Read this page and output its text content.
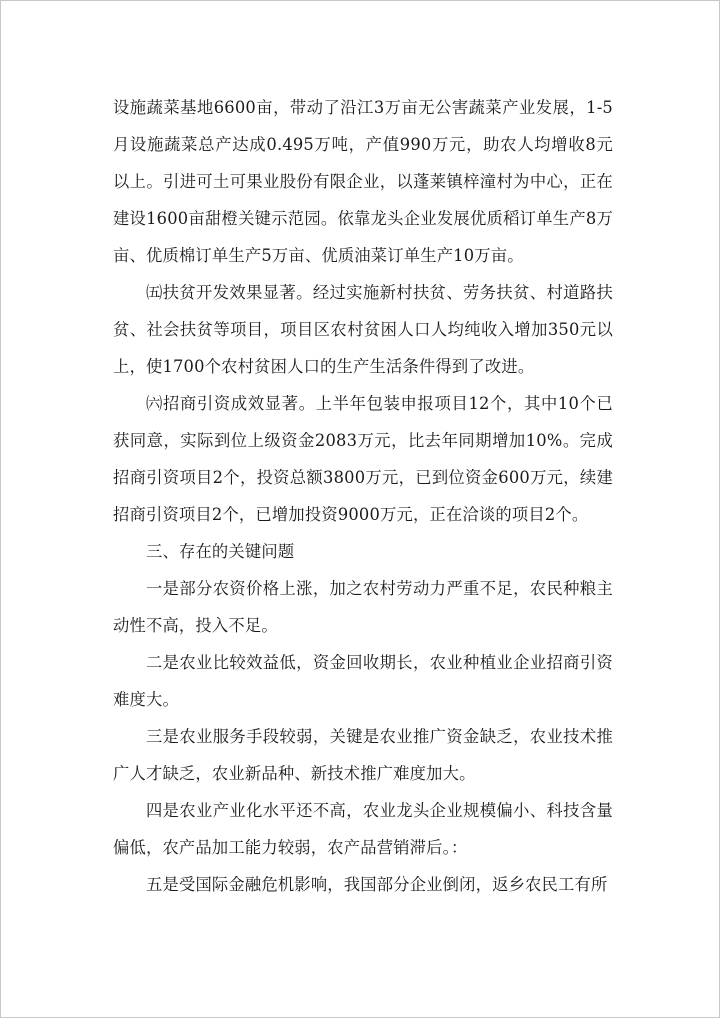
设施蔬菜基地6600亩，带动了沿江3万亩无公害蔬菜产业发展，1-5月设施蔬菜总产达成0.495万吨，产值990万元，助农人均增收8元以上。引进可土可果业股份有限企业，以蓬莱镇梓潼村为中心，正在建设1600亩甜橙关键示范园。依靠龙头企业发展优质稻订单生产8万亩、优质棉订单生产5万亩、优质油菜订单生产10万亩。

㈤扶贫开发效果显著。经过实施新村扶贫、劳务扶贫、村道路扶贫、社会扶贫等项目，项目区农村贫困人口人均纯收入增加350元以上，使1700个农村贫困人口的生产生活条件得到了改进。

㈥招商引资成效显著。上半年包装申报项目12个，其中10个已获同意，实际到位上级资金2083万元，比去年同期增加10%。完成招商引资项目2个，投资总额3800万元，已到位资金600万元，续建招商引资项目2个，已增加投资9000万元，正在洽谈的项目2个。

三、存在的关键问题

一是部分农资价格上涨，加之农村劳动力严重不足，农民种粮主动性不高，投入不足。

二是农业比较效益低，资金回收期长，农业种植业企业招商引资难度大。

三是农业服务手段较弱，关键是农业推广资金缺乏，农业技术推广人才缺乏，农业新品种、新技术推广难度加大。

四是农业产业化水平还不高，农业龙头企业规模偏小、科技含量偏低，农产品加工能力较弱，农产品营销滞后。：

五是受国际金融危机影响，我国部分企业倒闭，返乡农民工有所
